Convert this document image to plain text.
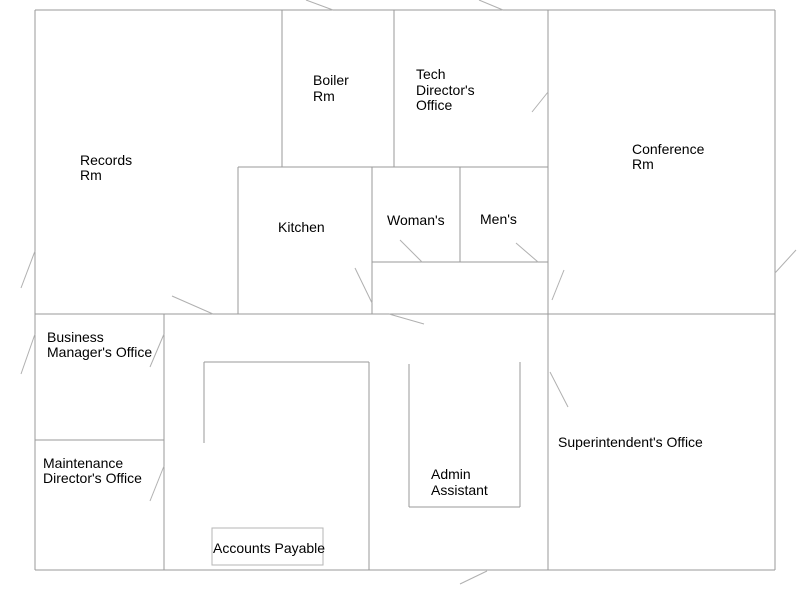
Boiler Rm
Tech Director's Office
Conference Rm
Records Rm
Kitchen	Woman's	Men's
Business Manager's Office
Maintenance Director's Office
Superintendent's Office
Admin Assistant
Accounts Payable
